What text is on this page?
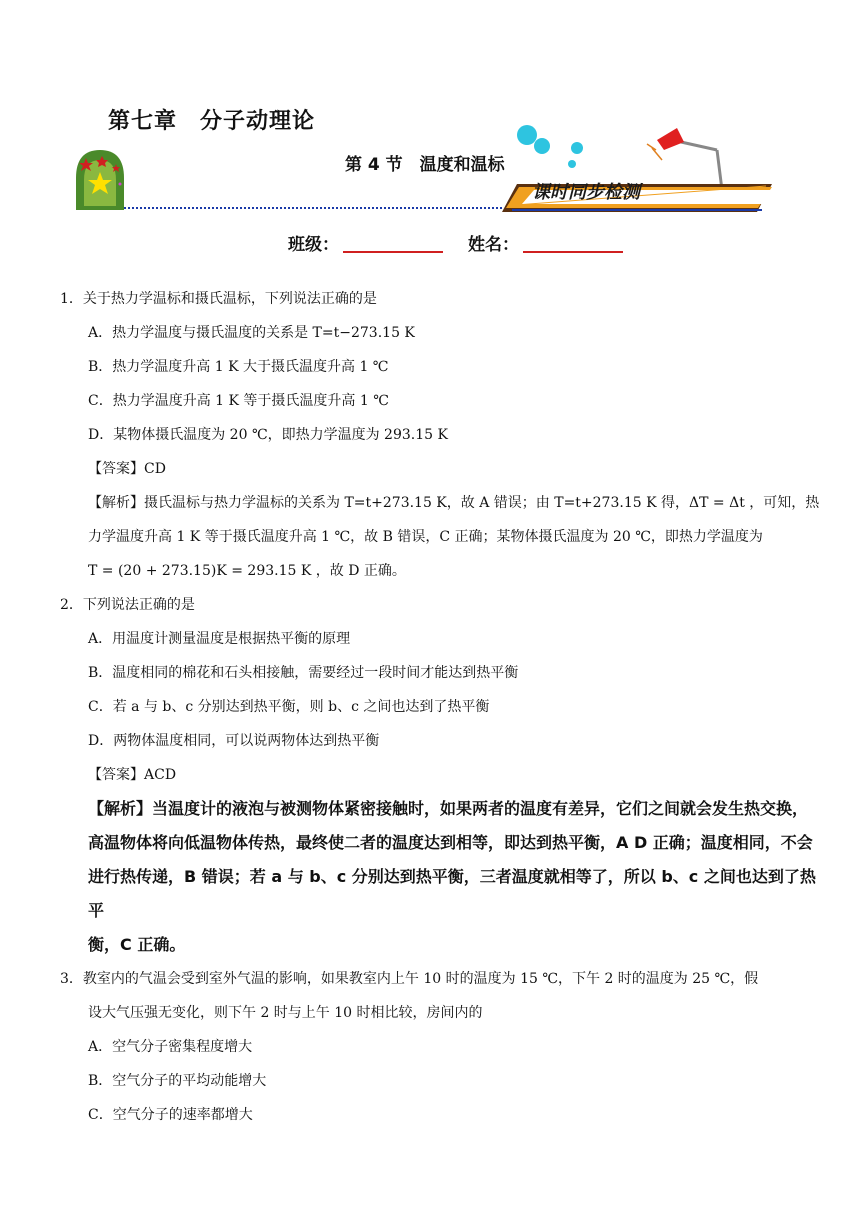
第七章　分子动理论
第 4 节　温度和温标
课时同步检测
班级：	姓名：

1．关于热力学温标和摄氏温标，下列说法正确的是

A．热力学温度与摄氏温度的关系是 T=t−273.15 K

B．热力学温度升高 1 K 大于摄氏温度升高 1 ℃

C．热力学温度升高 1 K 等于摄氏温度升高 1 ℃

D．某物体摄氏温度为 20 ℃，即热力学温度为 293.15 K

【答案】CD

【解析】摄氏温标与热力学温标的关系为 T=t+273.15 K，故 A 错误；由 T=t+273.15 K 得，ΔT = Δt ，可知，热

力学温度升高 1 K 等于摄氏温度升高 1 ℃，故 B 错误，C 正确；某物体摄氏温度为 20 ℃，即热力学温度为

T = (20 + 273.15)K = 293.15 K ，故 D 正确。

2．下列说法正确的是

A．用温度计测量温度是根据热平衡的原理

B．温度相同的棉花和石头相接触，需要经过一段时间才能达到热平衡

C．若 a 与 b、c 分别达到热平衡，则 b、c 之间也达到了热平衡

D．两物体温度相同，可以说两物体达到热平衡

【答案】ACD

【解析】当温度计的液泡与被测物体紧密接触时，如果两者的温度有差异，它们之间就会发生热交换，

高温物体将向低温物体传热，最终使二者的温度达到相等，即达到热平衡，A D 正确；温度相同，不会

进行热传递，B 错误；若 a 与 b、c 分别达到热平衡，三者温度就相等了，所以 b、c 之间也达到了热平

衡，C 正确。

3．教室内的气温会受到室外气温的影响，如果教室内上午 10 时的温度为 15 ℃，下午 2 时的温度为 25 ℃，假

设大气压强无变化，则下午 2 时与上午 10 时相比较，房间内的

A．空气分子密集程度增大

B．空气分子的平均动能增大

C．空气分子的速率都增大
